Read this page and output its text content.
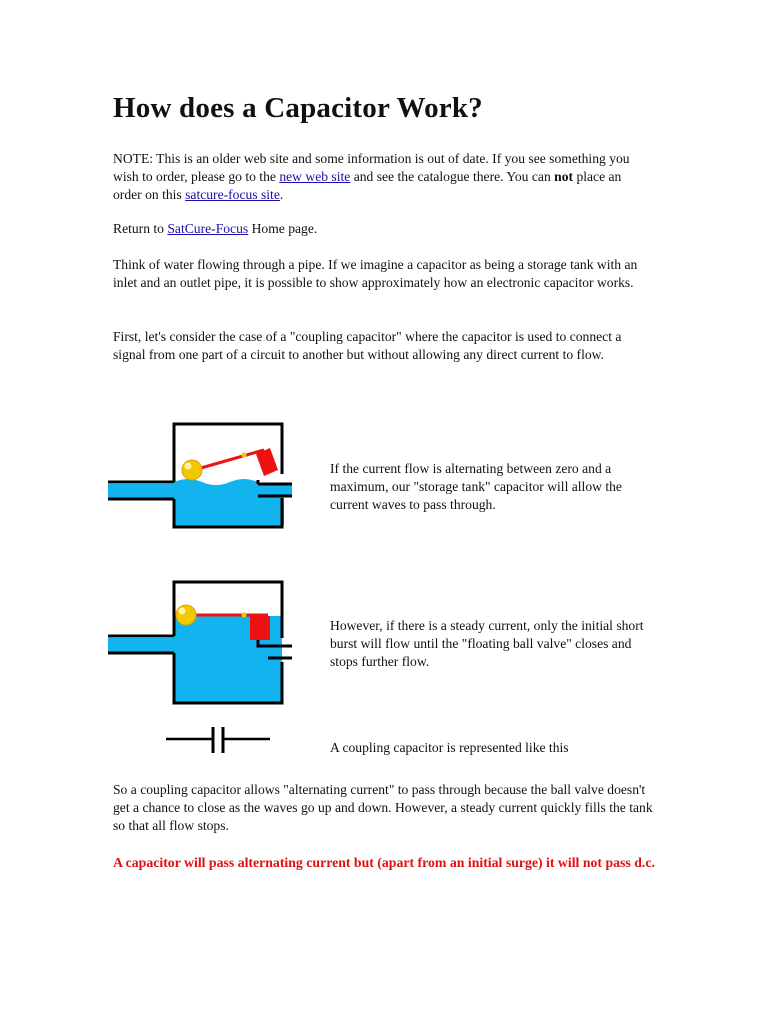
How does a Capacitor Work?

NOTE: This is an older web site and some information is out of date. If you see something you wish to order, please go to the new web site and see the catalogue there. You can not place an order on this satcure-focus site.

Return to SatCure-Focus Home page.

Think of water flowing through a pipe. If we imagine a capacitor as being a storage tank with an inlet and an outlet pipe, it is possible to show approximately how an electronic capacitor works.

First, let's consider the case of a "coupling capacitor" where the capacitor is used to connect a signal from one part of a circuit to another but without allowing any direct current to flow.

If the current flow is alternating between zero and a maximum, our "storage tank" capacitor will allow the current waves to pass through.

However, if there is a steady current, only the initial short burst will flow until the "floating ball valve" closes and stops further flow.

A coupling capacitor is represented like this

So a coupling capacitor allows "alternating current" to pass through because the ball valve doesn't get a chance to close as the waves go up and down. However, a steady current quickly fills the tank so that all flow stops.

A capacitor will pass alternating current but (apart from an initial surge) it will not pass d.c.
